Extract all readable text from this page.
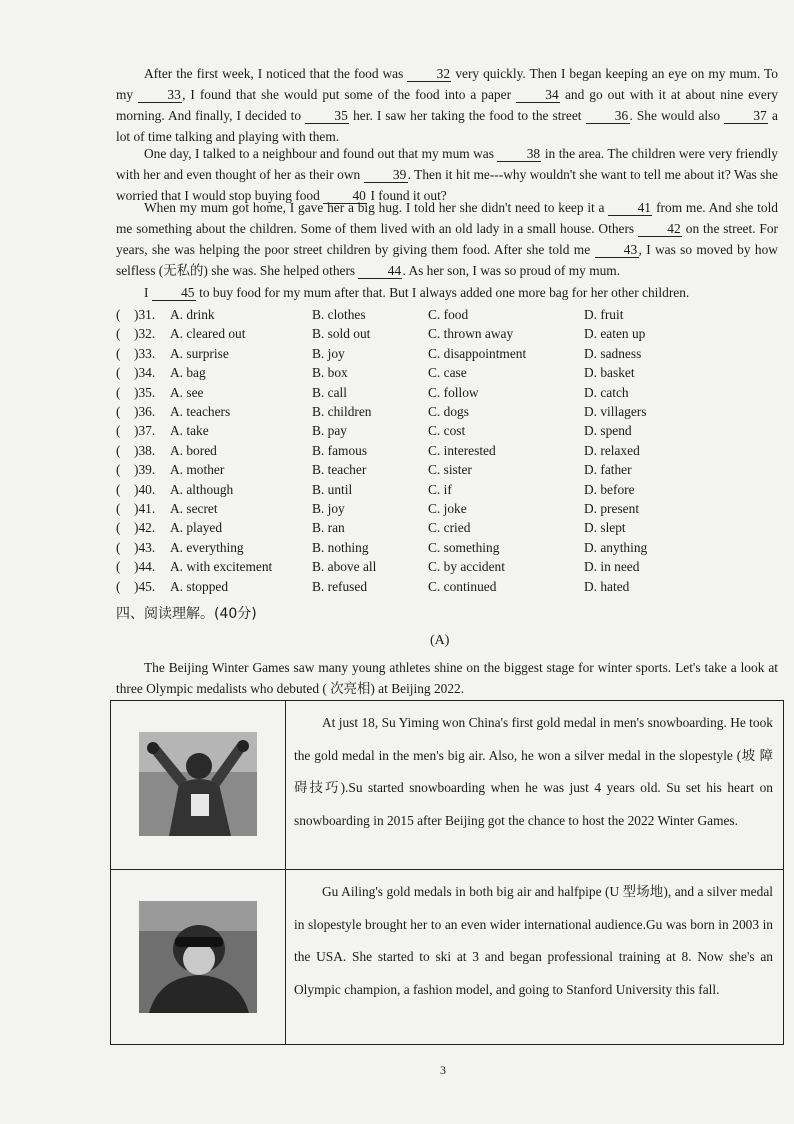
After the first week, I noticed that the food was 32 very quickly. Then I began keeping an eye on my mum. To my 33, I found that she would put some of the food into a paper 34 and go out with it at about nine every morning. And finally, I decided to 35 her. I saw her taking the food to the street 36. She would also 37 a lot of time talking and playing with them.
One day, I talked to a neighbour and found out that my mum was 38 in the area. The children were very friendly with her and even thought of her as their own 39. Then it hit me---why wouldn't she want to tell me about it? Was she worried that I would stop buying food 40 I found it out?
When my mum got home, I gave her a big hug. I told her she didn't need to keep it a 41 from me. And she told me something about the children. Some of them lived with an old lady in a small house. Others 42 on the street. For years, she was helping the poor street children by giving them food. After she told me 43, I was so moved by how selfless (无私的) she was. She helped others 44. As her son, I was so proud of my mum.
I 45 to buy food for my mum after that. But I always added one more bag for her other children.
( )31. A. drink	B. clothes	C. food	D. fruit
( )32. A. cleared out	B. sold out	C. thrown away	D. eaten up
( )33. A. surprise	B. joy	C. disappointment	D. sadness
( )34. A. bag	B. box	C. case	D. basket
( )35. A. see	B. call	C. follow	D. catch
( )36. A. teachers	B. children	C. dogs	D. villagers
( )37. A. take	B. pay	C. cost	D. spend
( )38. A. bored	B. famous	C. interested	D. relaxed
( )39. A. mother	B. teacher	C. sister	D. father
( )40. A. although	B. until	C. if	D. before
( )41. A. secret	B. joy	C. joke	D. present
( )42. A. played	B. ran	C. cried	D. slept
( )43. A. everything	B. nothing	C. something	D. anything
( )44. A. with excitement	B. above all	C. by accident	D. in need
( )45. A. stopped	B. refused	C. continued	D. hated
四、阅读理解。(40分)
(A)
The Beijing Winter Games saw many young athletes shine on the biggest stage for winter sports. Let's take a look at three Olympic medalists who debuted ( 次亮相) at Beijing 2022.

At just 18, Su Yiming won China's first gold medal in men's snowboarding. He took the gold medal in the men's big air. Also, he won a silver medal in the slopestyle (坡 障碍技巧).Su started snowboarding when he was just 4 years old. Su set his heart on snowboarding in 2015 after Beijing got the chance to host the 2022 Winter Games.

Gu Ailing's gold medals in both big air and halfpipe (U 型场地), and a silver medal in slopestyle brought her to an even wider international audience.Gu was born in 2003 in the USA. She started to ski at 3 and began professional training at 8. Now she's an Olympic champion, a fashion model, and going to Stanford University this fall.
3
